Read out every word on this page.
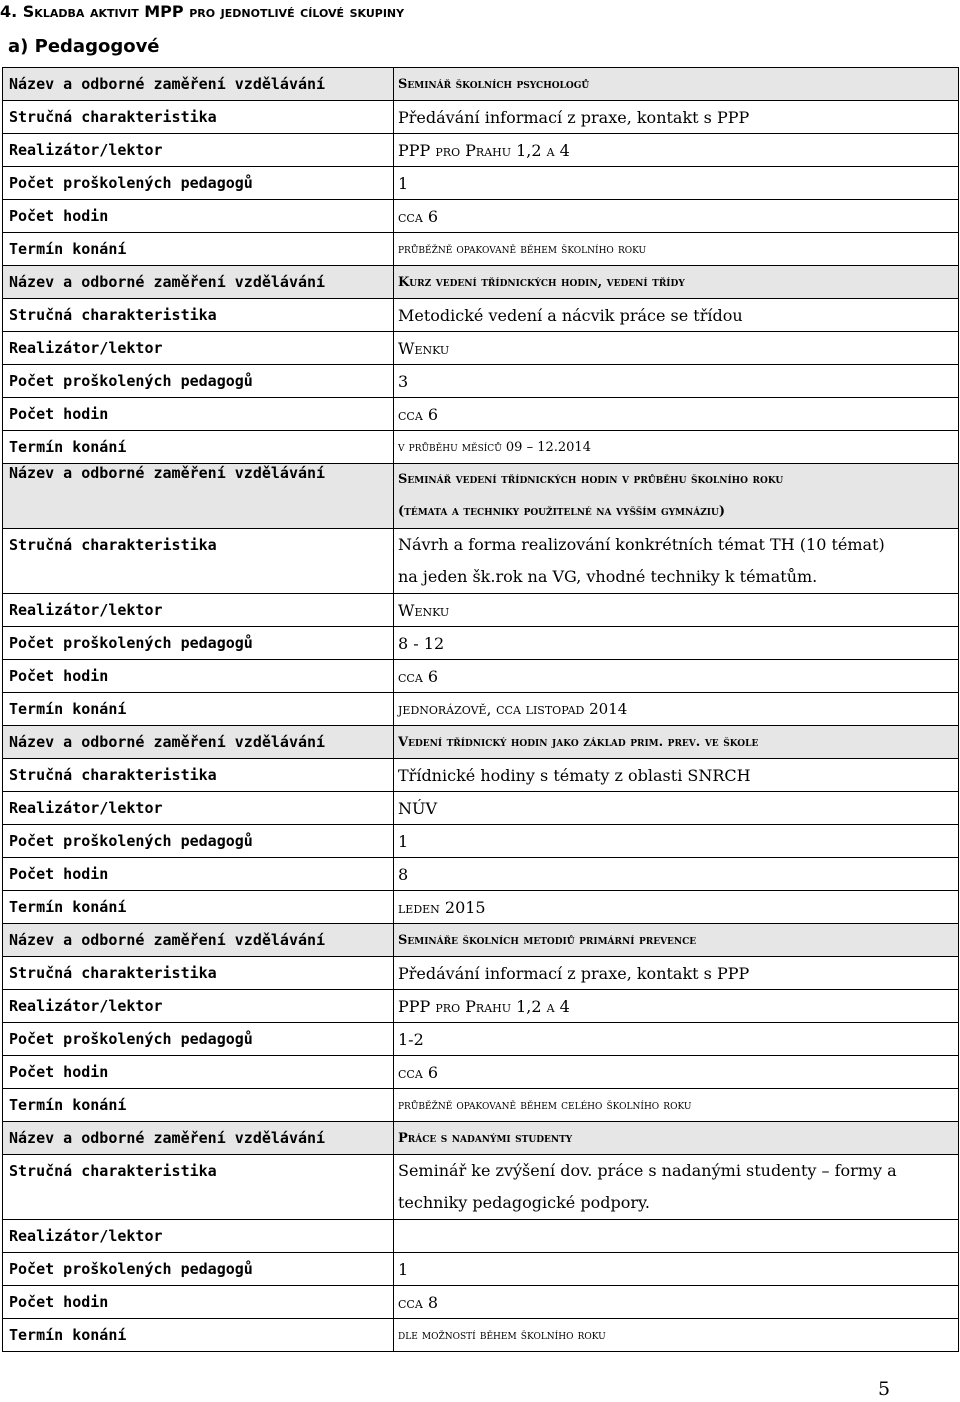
4. Skladba aktivit MPP pro jednotlivé cílové skupiny
a) Pedagogové
Název a odborné zaměření vzdělávání	Seminář školních psychologů
Stručná charakteristika	Předávání informací z praxe, kontakt s PPP
Realizátor/lektor	PPP pro Prahu 1,2 a 4
Počet proškolených pedagogů	1
Počet hodin	cca 6
Termín konání	průběžně opakovaně během školního roku
Název a odborné zaměření vzdělávání	Kurz vedení třídnických hodin, vedení třídy
Stručná charakteristika	Metodické vedení a nácvik práce se třídou
Realizátor/lektor	Wenku
Počet proškolených pedagogů	3
Počet hodin	cca 6
Termín konání	v průběhu měsíců 09 – 12.2014
Název a odborné zaměření vzdělávání	Seminář vedení třídnických hodin v průběhu školního roku
(témata a techniky použitelné na vyšším gymnáziu)

Stručná charakteristika	Návrh a forma realizování konkrétních témat TH (10 témat)
na jeden šk.rok na VG, vhodné techniky k tématům.

Realizátor/lektor	Wenku
Počet proškolených pedagogů	8 - 12
Počet hodin	cca 6
Termín konání	jednorázově, cca listopad 2014
Název a odborné zaměření vzdělávání	Vedení třídnický hodin jako základ prim. prev. ve škole
Stručná charakteristika	Třídnické hodiny s tématy z oblasti SNRCH
Realizátor/lektor	NÚV
Počet proškolených pedagogů	1
Počet hodin	8
Termín konání	leden 2015
Název a odborné zaměření vzdělávání	Semináře školních metodiů primární prevence
Stručná charakteristika	Předávání informací z praxe, kontakt s PPP
Realizátor/lektor	PPP pro Prahu 1,2 a 4
Počet proškolených pedagogů	1-2
Počet hodin	cca 6
Termín konání	průběžně opakovaně během celého školního roku
Název a odborné zaměření vzdělávání	Práce s nadanými studenty
Stručná charakteristika	Seminář ke zvýšení dov. práce s nadanými studenty – formy a
techniky pedagogické podpory.

Realizátor/lektor	
Počet proškolených pedagogů	1
Počet hodin	cca 8
Termín konání	dle možností během školního roku
5
